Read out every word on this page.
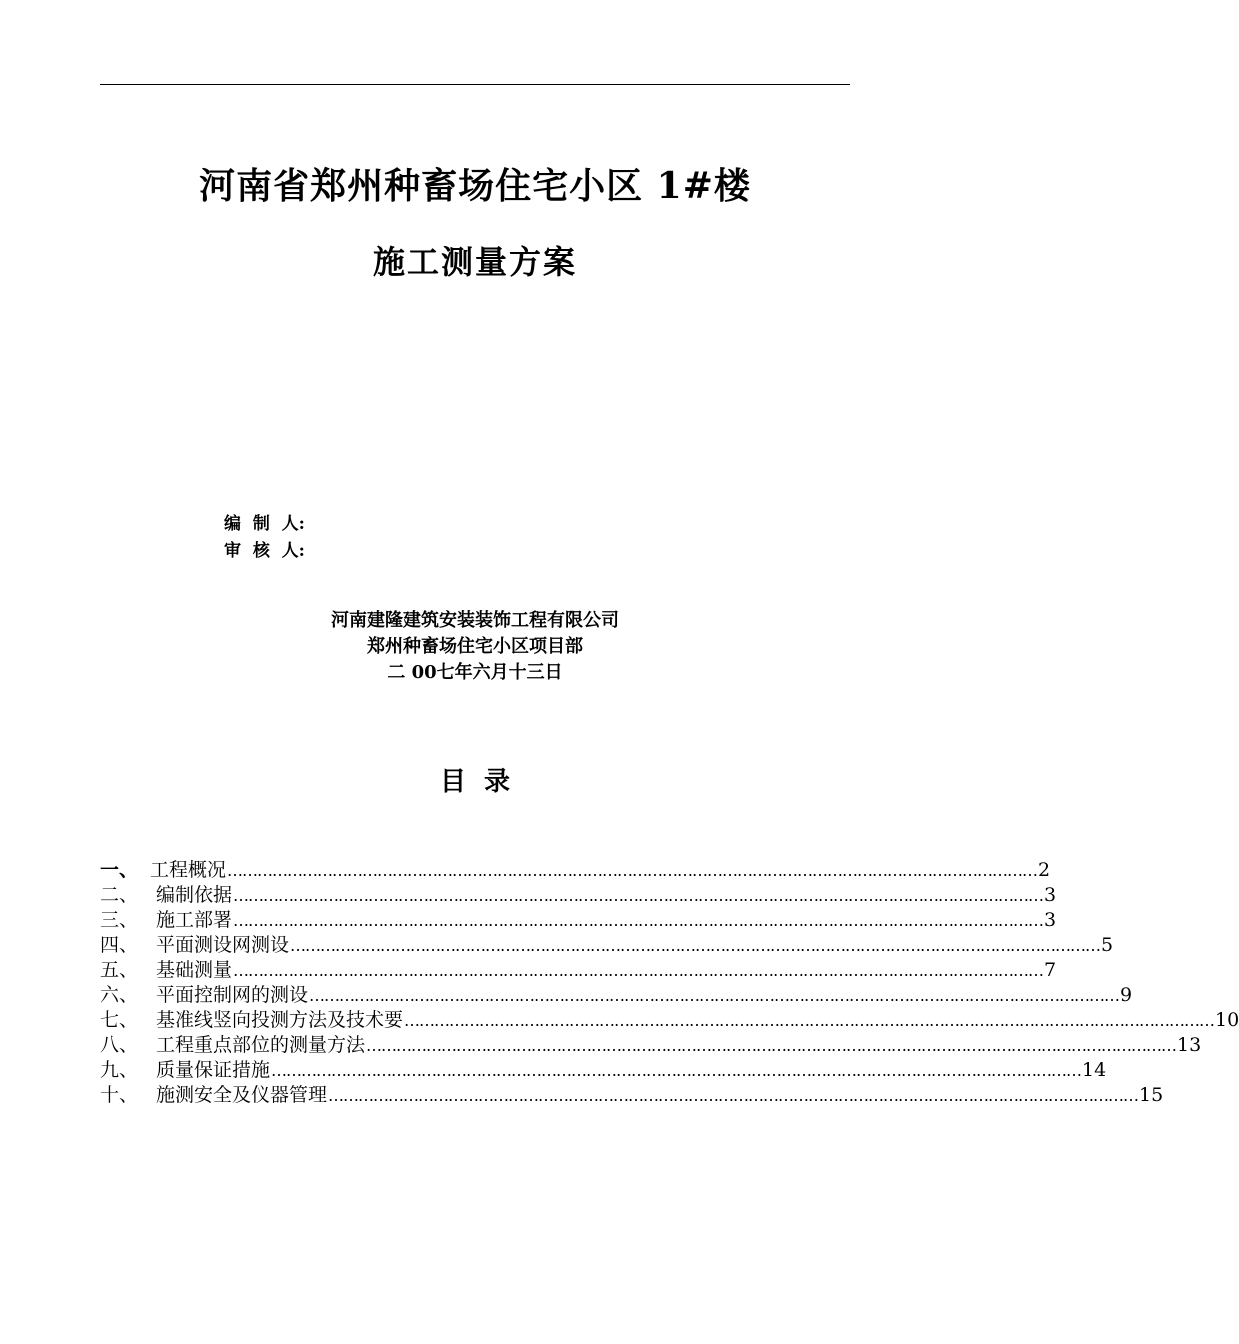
河南省郑州种畜场住宅小区 1#楼
施工测量方案
编  制  人:
审  核  人:
河南建隆建筑安装装饰工程有限公司
郑州种畜场住宅小区项目部
二 00七年六月十三日
目  录
一、 工程概况 ……………………………………………………………………………………………………………………………………………… 2
二、 编制依据 ……………………………………………………………………………………………………………………………………………… 3
三、 施工部署 ……………………………………………………………………………………………………………………………………………… 3
四、 平面测设网测设 ……………………………………………………………………………………………………………………………………………… 5
五、 基础测量 ……………………………………………………………………………………………………………………………………………… 7
六、 平面控制网的测设 ……………………………………………………………………………………………………………………………………………… 9
七、 基准线竖向投测方法及技术要 ……………………………………………………………………………………………………………………………………………… 10
八、 工程重点部位的测量方法 ……………………………………………………………………………………………………………………………………………… 13
九、 质量保证措施 ……………………………………………………………………………………………………………………………………………… 14
十、 施测安全及仪器管理 ……………………………………………………………………………………………………………………………………………… 15
